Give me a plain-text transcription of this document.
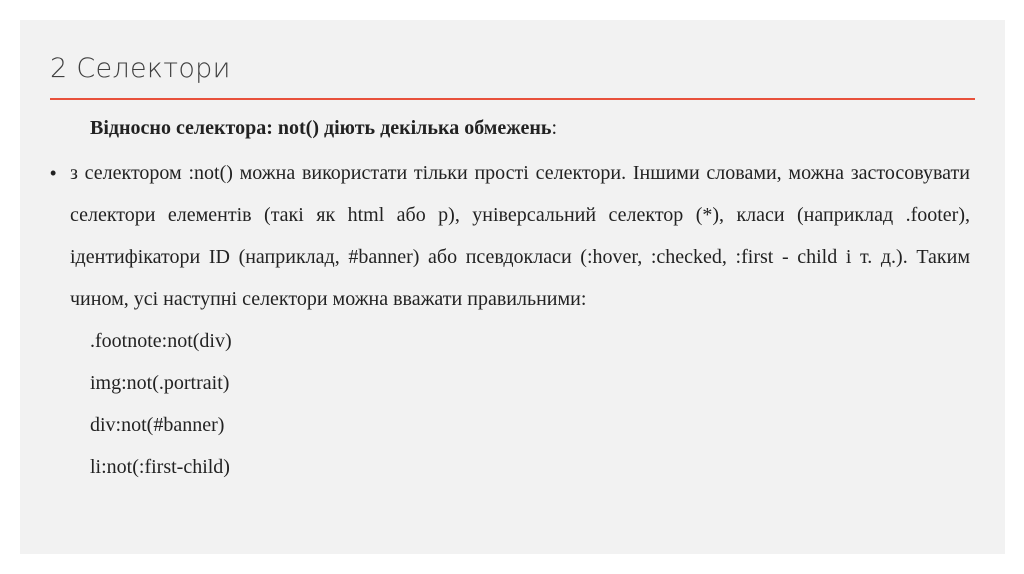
2 Селектори

Відносно селектора: not() діють декілька обмежень:

• з селектором :not() можна використати тільки прості селектори. Іншими словами, можна застосовувати селектори елементів (такі як html або p), універсальний селектор (*), класи (наприклад .footer), ідентифікатори ID (наприклад, #banner) або псевдокласи (:hover, :checked, :first - child і т. д.). Таким чином, усі наступні селектори можна вважати правильними:

.footnote:not(div)
img:not(.portrait)
div:not(#banner)
li:not(:first-child)
